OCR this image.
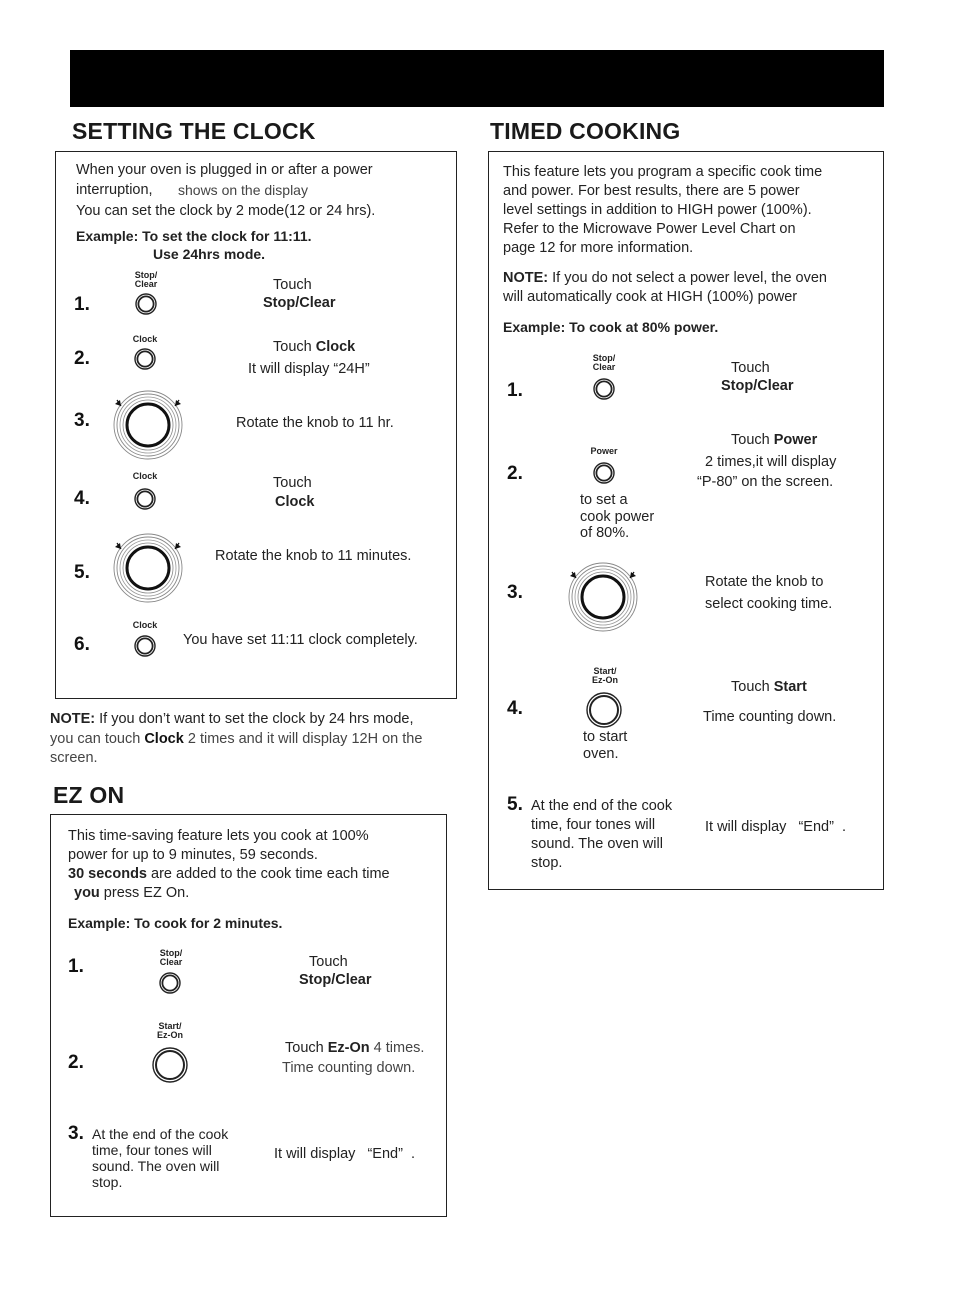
SETTING THE CLOCK
When your oven is plugged in or after a power
interruption, shows on the display
You can set the clock by 2 mode(12 or 24 hrs).
Example: To set the clock for 11:11.
Use 24hrs mode.
1.
Stop/
Clear	Touch
Stop/Clear
2.
Clock	Touch Clock
It will display “24H”
3.	Rotate the knob to 11 hr.
4.
Clock	Touch
Clock
5.
Rotate the knob to 11 minutes.
6.
Clock
You have set 11:11 clock completely.
NOTE: If you don’t want to set the clock by 24 hrs mode,
you can touch Clock 2 times and it will display 12H on the
screen.
EZ ON
This time-saving feature lets you cook at 100%
power for up to 9 minutes, 59 seconds.
30 seconds are added to the cook time each time
you press EZ On.
Example: To cook for 2 minutes.
1.
Stop/
Clear	Touch
Stop/Clear
2.
Start/
Ez-On
Touch Ez-On 4 times.
Time counting down.
3. At the end of the cook
time, four tones will
sound. The oven will
stop.
It will display   “End”  .
TIMED COOKING
This feature lets you program a specific cook time
and power. For best results, there are 5 power
level settings in addition to HIGH power (100%).
Refer to the Microwave Power Level Chart on
page 12 for more information.
NOTE: If you do not select a power level, the oven
will automatically cook at HIGH (100%) power
Example: To cook at 80% power.
1.
Stop/
Clear	Touch
Stop/Clear
2.
Power
to set a
cook power
of 80%.
Touch Power
2 times,it will display
“P-80” on the screen.
3.	Rotate the knob to
select cooking time.
4.
Start/
Ez-On
to start
oven.
Touch Start
Time counting down.
5. At the end of the cook
time, four tones will
sound. The oven will
stop.
It will display   “End”  .
